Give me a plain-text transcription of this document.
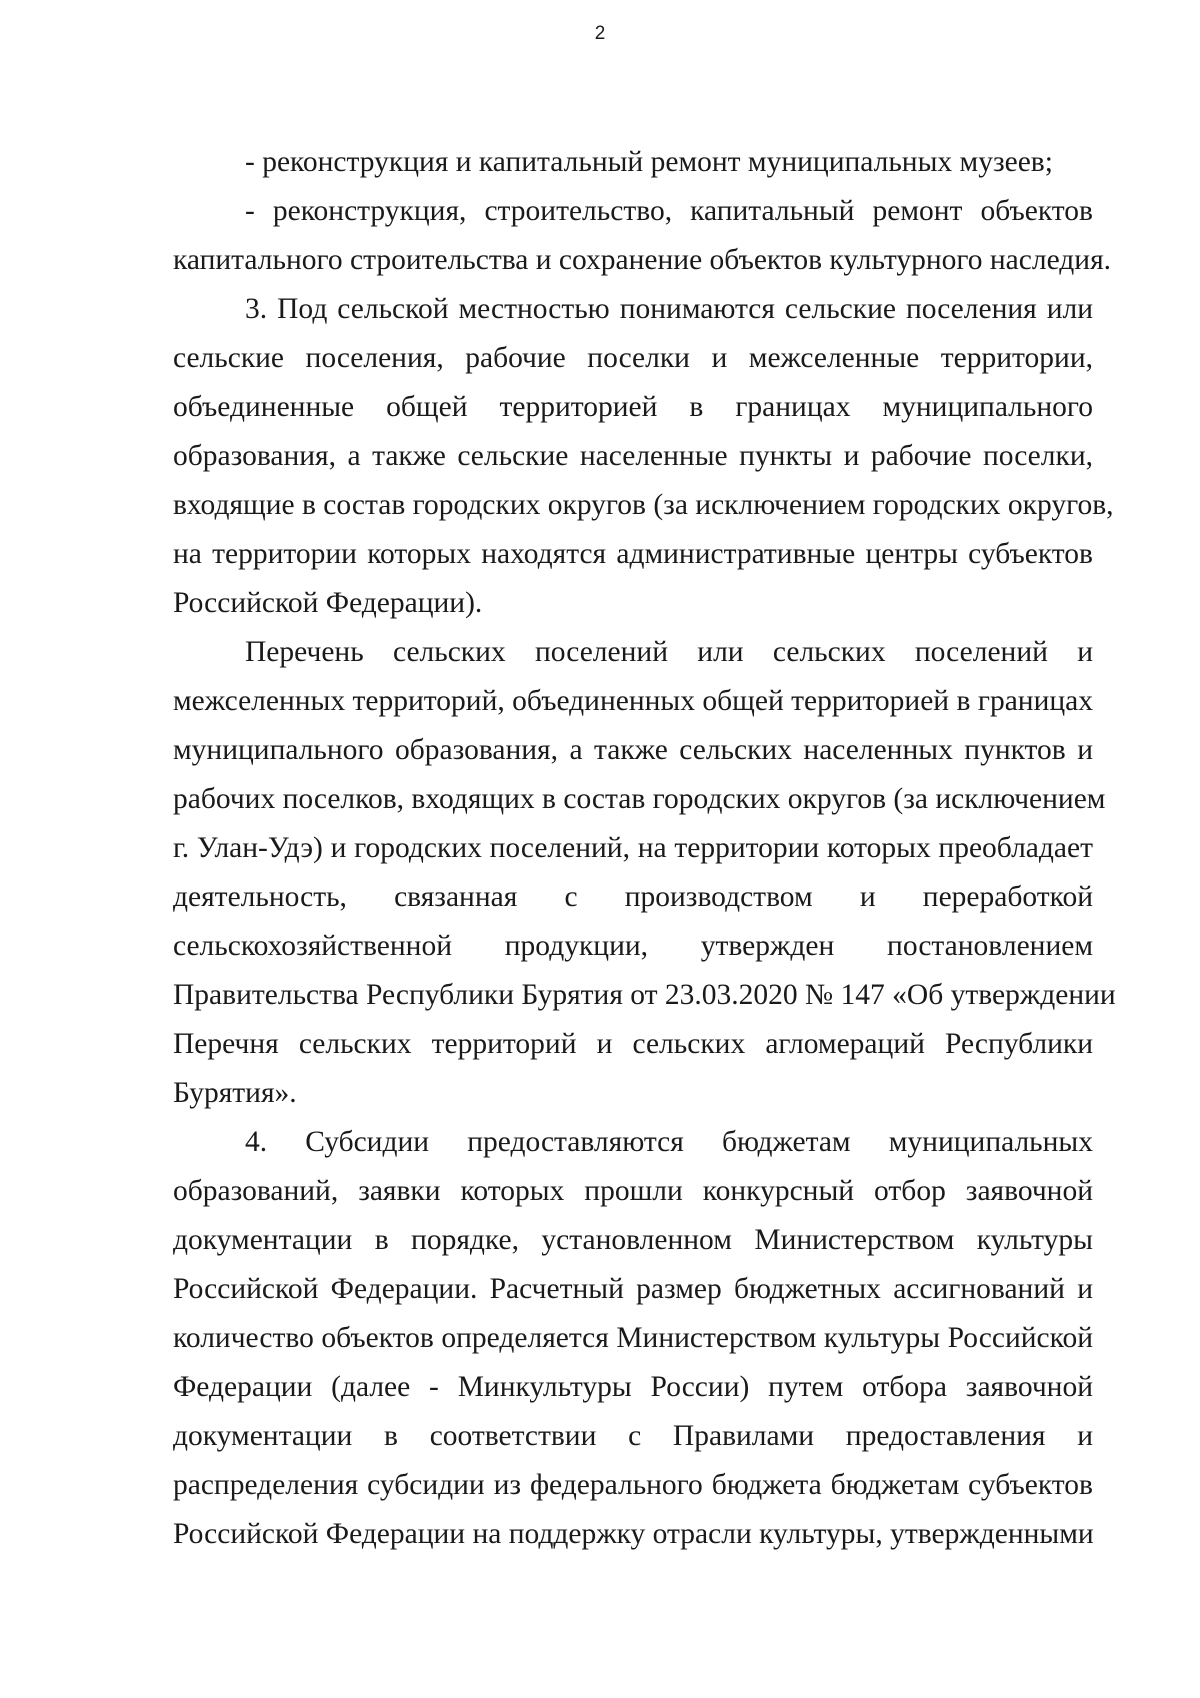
2
- реконструкция и капитальный ремонт муниципальных музеев;
- реконструкция, строительство, капитальный ремонт объектов
капитального строительства и сохранение объектов культурного наследия.
3. Под сельской местностью понимаются сельские поселения или
сельские поселения, рабочие поселки и межселенные территории,
объединенные общей территорией в границах муниципального
образования, а также сельские населенные пункты и рабочие поселки,
входящие в состав городских округов (за исключением городских округов,
на территории которых находятся административные центры субъектов
Российской Федерации).
Перечень сельских поселений или сельских поселений и
межселенных территорий, объединенных общей территорией в границах
муниципального образования, а также сельских населенных пунктов и
рабочих поселков, входящих в состав городских округов (за исключением
г. Улан-Удэ) и городских поселений, на территории которых преобладает
деятельность, связанная с производством и переработкой
сельскохозяйственной продукции, утвержден постановлением
Правительства Республики Бурятия от 23.03.2020 № 147 «Об утверждении
Перечня сельских территорий и сельских агломераций Республики
Бурятия».
4. Субсидии предоставляются бюджетам муниципальных
образований, заявки которых прошли конкурсный отбор заявочной
документации в порядке, установленном Министерством культуры
Российской Федерации. Расчетный размер бюджетных ассигнований и
количество объектов определяется Министерством культуры Российской
Федерации (далее - Минкультуры России) путем отбора заявочной
документации в соответствии с Правилами предоставления и
распределения субсидии из федерального бюджета бюджетам субъектов
Российской Федерации на поддержку отрасли культуры, утвержденными
